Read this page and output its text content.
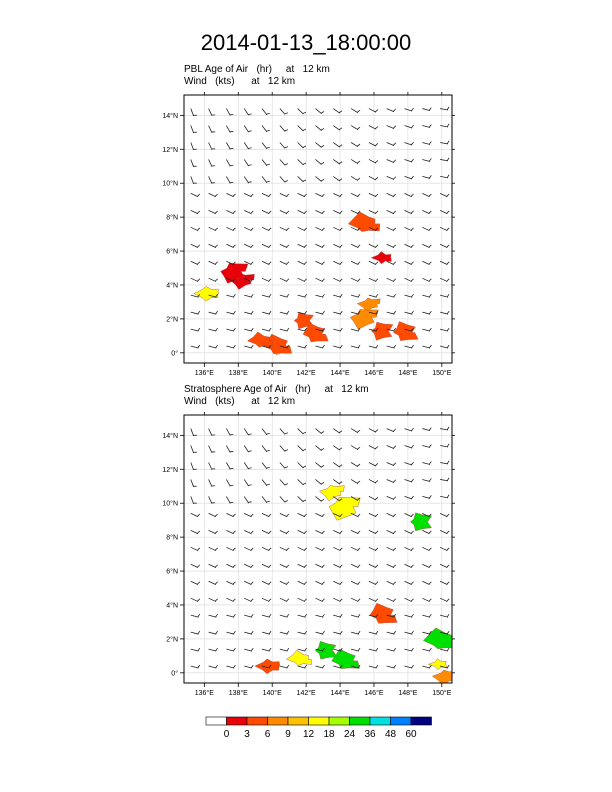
2014-01-13_18:00:00
PBL Age of Air   (hr)     at   12 km
Wind   (kts)      at   12 km
Stratosphere Age of Air   (hr)     at   12 km
Wind   (kts)      at   12 km
136°E 138°E 140°E 142°E 144°E 146°E 148°E 150°E
0°
2°N
4°N
6°N
8°N
10°N
12°N
14°N
136°E 138°E 140°E 142°E 144°E 146°E 148°E 150°E
0°
2°N
4°N
6°N
8°N
10°N
12°N
14°N
0 3 6 9 12 18 24 36 48 60
